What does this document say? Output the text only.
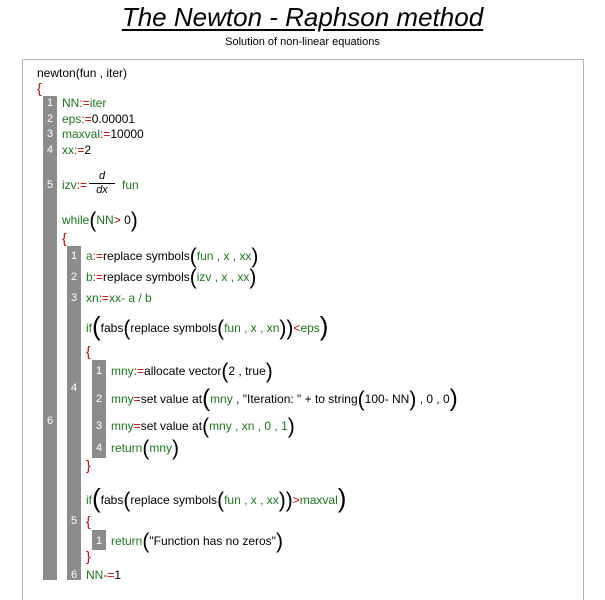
The Newton - Raphson method
Solution of non-linear equations
newton(fun , iter)
{
1
2
3
4
5
6
NN:=iter
eps:=0.00001
maxval:=10000
xx:=2
izv:= $\frac{d}{dx}$ fun
while(NN> 0)
{
1
2
3
4
5
6
a:=replace symbols(fun , x , xx)
b:=replace symbols(izv , x , xx)
xn:=xx- a / b
if(fabs(replace symbols(fun , x , xn))<eps)
{
1
2
3
4
mny:=allocate vector(2 , true)
mny=set value at(mny , "Iteration: " + to string(100- NN) , 0 , 0)
mny=set value at(mny , xn , 0 , 1)
return(mny)
}
if(fabs(replace symbols(fun , x , xx))>maxval)
{
1 return("Function has no zeros")
}
NN-=1
